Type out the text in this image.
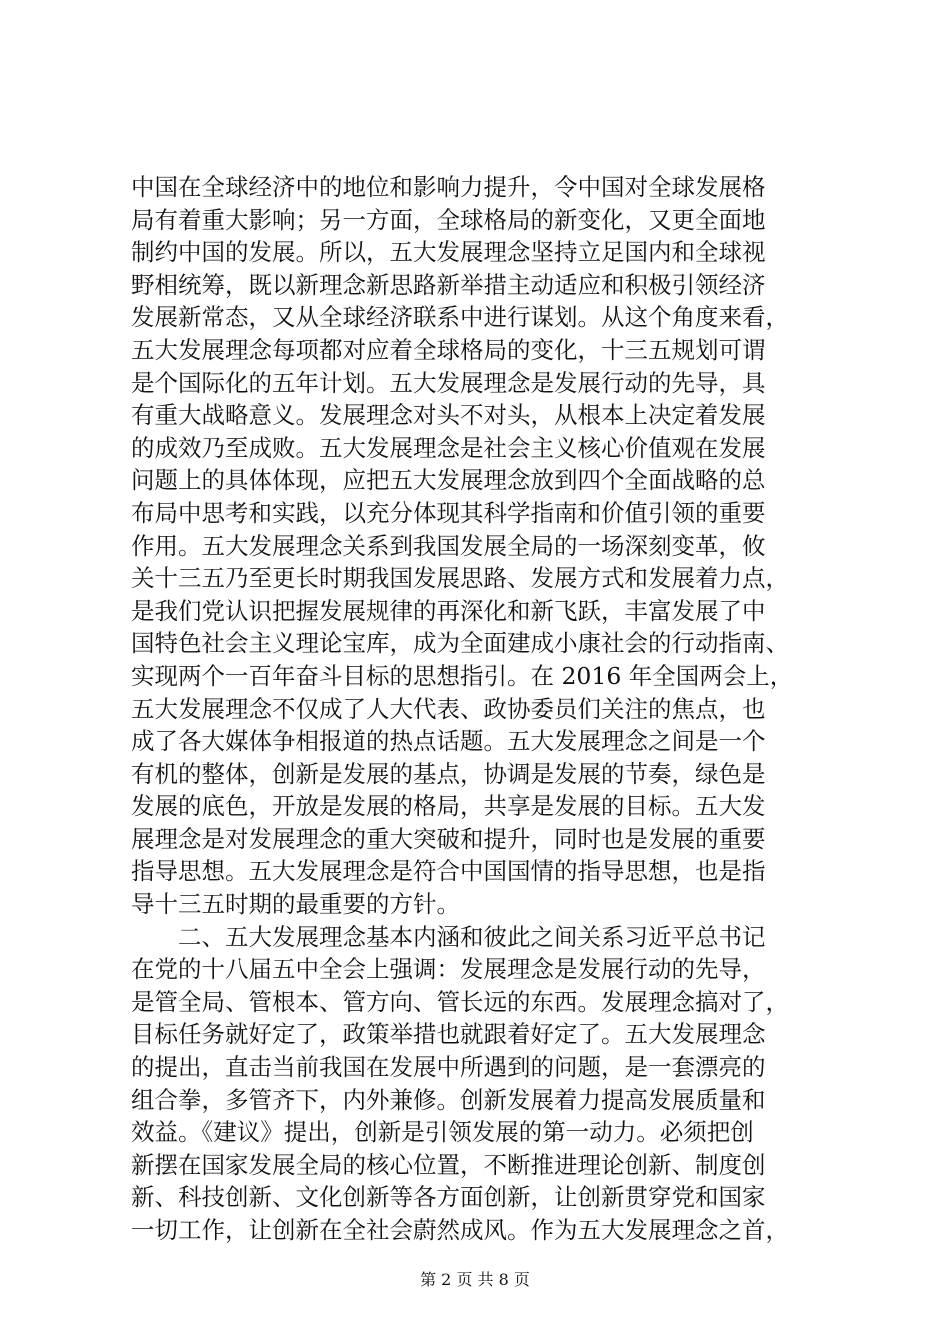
中国在全球经济中的地位和影响力提升，令中国对全球发展格
局有着重大影响；另一方面，全球格局的新变化，又更全面地
制约中国的发展。所以，五大发展理念坚持立足国内和全球视
野相统筹，既以新理念新思路新举措主动适应和积极引领经济
发展新常态，又从全球经济联系中进行谋划。从这个角度来看，
五大发展理念每项都对应着全球格局的变化，十三五规划可谓
是个国际化的五年计划。五大发展理念是发展行动的先导，具
有重大战略意义。发展理念对头不对头，从根本上决定着发展
的成效乃至成败。五大发展理念是社会主义核心价值观在发展
问题上的具体体现，应把五大发展理念放到四个全面战略的总
布局中思考和实践，以充分体现其科学指南和价值引领的重要
作用。五大发展理念关系到我国发展全局的一场深刻变革，攸
关十三五乃至更长时期我国发展思路、发展方式和发展着力点，
是我们党认识把握发展规律的再深化和新飞跃，丰富发展了中
国特色社会主义理论宝库，成为全面建成小康社会的行动指南、
实现两个一百年奋斗目标的思想指引。在 2016 年全国两会上，
五大发展理念不仅成了人大代表、政协委员们关注的焦点，也
成了各大媒体争相报道的热点话题。五大发展理念之间是一个
有机的整体，创新是发展的基点，协调是发展的节奏，绿色是
发展的底色，开放是发展的格局，共享是发展的目标。五大发
展理念是对发展理念的重大突破和提升，同时也是发展的重要
指导思想。五大发展理念是符合中国国情的指导思想，也是指
导十三五时期的最重要的方针。
二、五大发展理念基本内涵和彼此之间关系习近平总书记
在党的十八届五中全会上强调：发展理念是发展行动的先导，
是管全局、管根本、管方向、管长远的东西。发展理念搞对了，
目标任务就好定了，政策举措也就跟着好定了。五大发展理念
的提出，直击当前我国在发展中所遇到的问题，是一套漂亮的
组合拳，多管齐下，内外兼修。创新发展着力提高发展质量和
效益。《建议》提出，创新是引领发展的第一动力。必须把创
新摆在国家发展全局的核心位置，不断推进理论创新、制度创
新、科技创新、文化创新等各方面创新，让创新贯穿党和国家
一切工作，让创新在全社会蔚然成风。作为五大发展理念之首，
第 2 页 共 8 页
